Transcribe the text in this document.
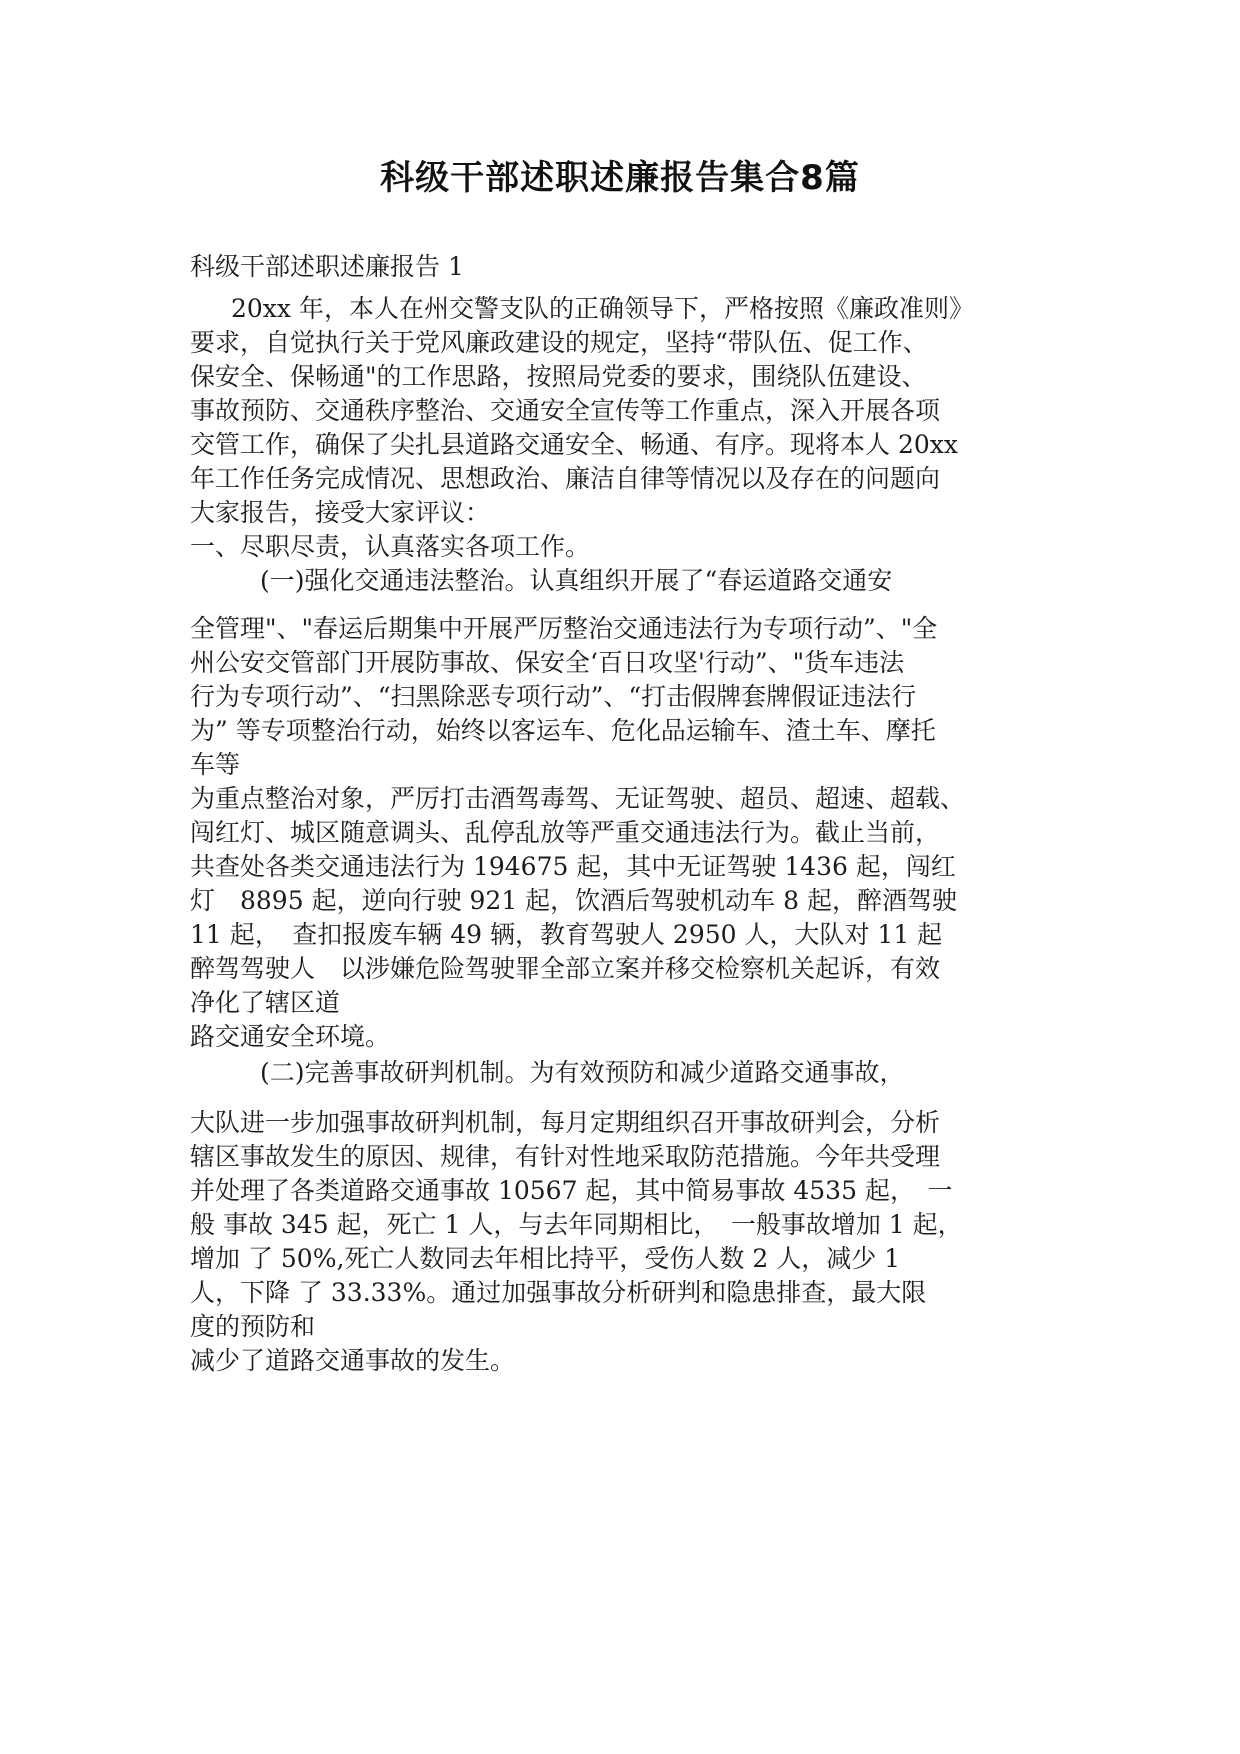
科级干部述职述廉报告集合8篇
科级干部述职述廉报告 1
20xx 年，本人在州交警支队的正确领导下，严格按照《廉政准则》
要求，自觉执行关于党风廉政建设的规定，坚持“带队伍、促工作、
保安全、保畅通"的工作思路，按照局党委的要求，围绕队伍建设、
事故预防、交通秩序整治、交通安全宣传等工作重点，深入开展各项
交管工作，确保了尖扎县道路交通安全、畅通、有序。现将本人 20xx
年工作任务完成情况、思想政治、廉洁自律等情况以及存在的问题向
大家报告，接受大家评议：
一、尽职尽责，认真落实各项工作。
(一)强化交通违法整治。认真组织开展了“春运道路交通安
全管理"、"春运后期集中开展严厉整治交通违法行为专项行动”、"全
州公安交管部门开展防事故、保安全‘百日攻坚'行动”、"货车违法
行为专项行动”、“扫黑除恶专项行动”、“打击假牌套牌假证违法行
为” 等专项整治行动，始终以客运车、危化品运输车、渣土车、摩托
车等
为重点整治对象，严厉打击酒驾毒驾、无证驾驶、超员、超速、超载、
闯红灯、城区随意调头、乱停乱放等严重交通违法行为。截止当前，
共查处各类交通违法行为 194675 起，其中无证驾驶 1436 起，闯红
灯　8895 起，逆向行驶 921 起，饮酒后驾驶机动车 8 起，醉酒驾驶
11 起，　查扣报废车辆 49 辆，教育驾驶人 2950 人，大队对 11 起
醉驾驾驶人　以涉嫌危险驾驶罪全部立案并移交检察机关起诉，有效
净化了辖区道
路交通安全环境。
(二)完善事故研判机制。为有效预防和减少道路交通事故，
大队进一步加强事故研判机制，每月定期组织召开事故研判会，分析
辖区事故发生的原因、规律，有针对性地采取防范措施。今年共受理
并处理了各类道路交通事故 10567 起，其中简易事故 4535 起，　一
般 事故 345 起，死亡 1 人，与去年同期相比，　一般事故增加 1 起，
增加 了 50%,死亡人数同去年相比持平，受伤人数 2 人，减少 1
人，下降 了 33.33%。通过加强事故分析研判和隐患排查，最大限
度的预防和
减少了道路交通事故的发生。
